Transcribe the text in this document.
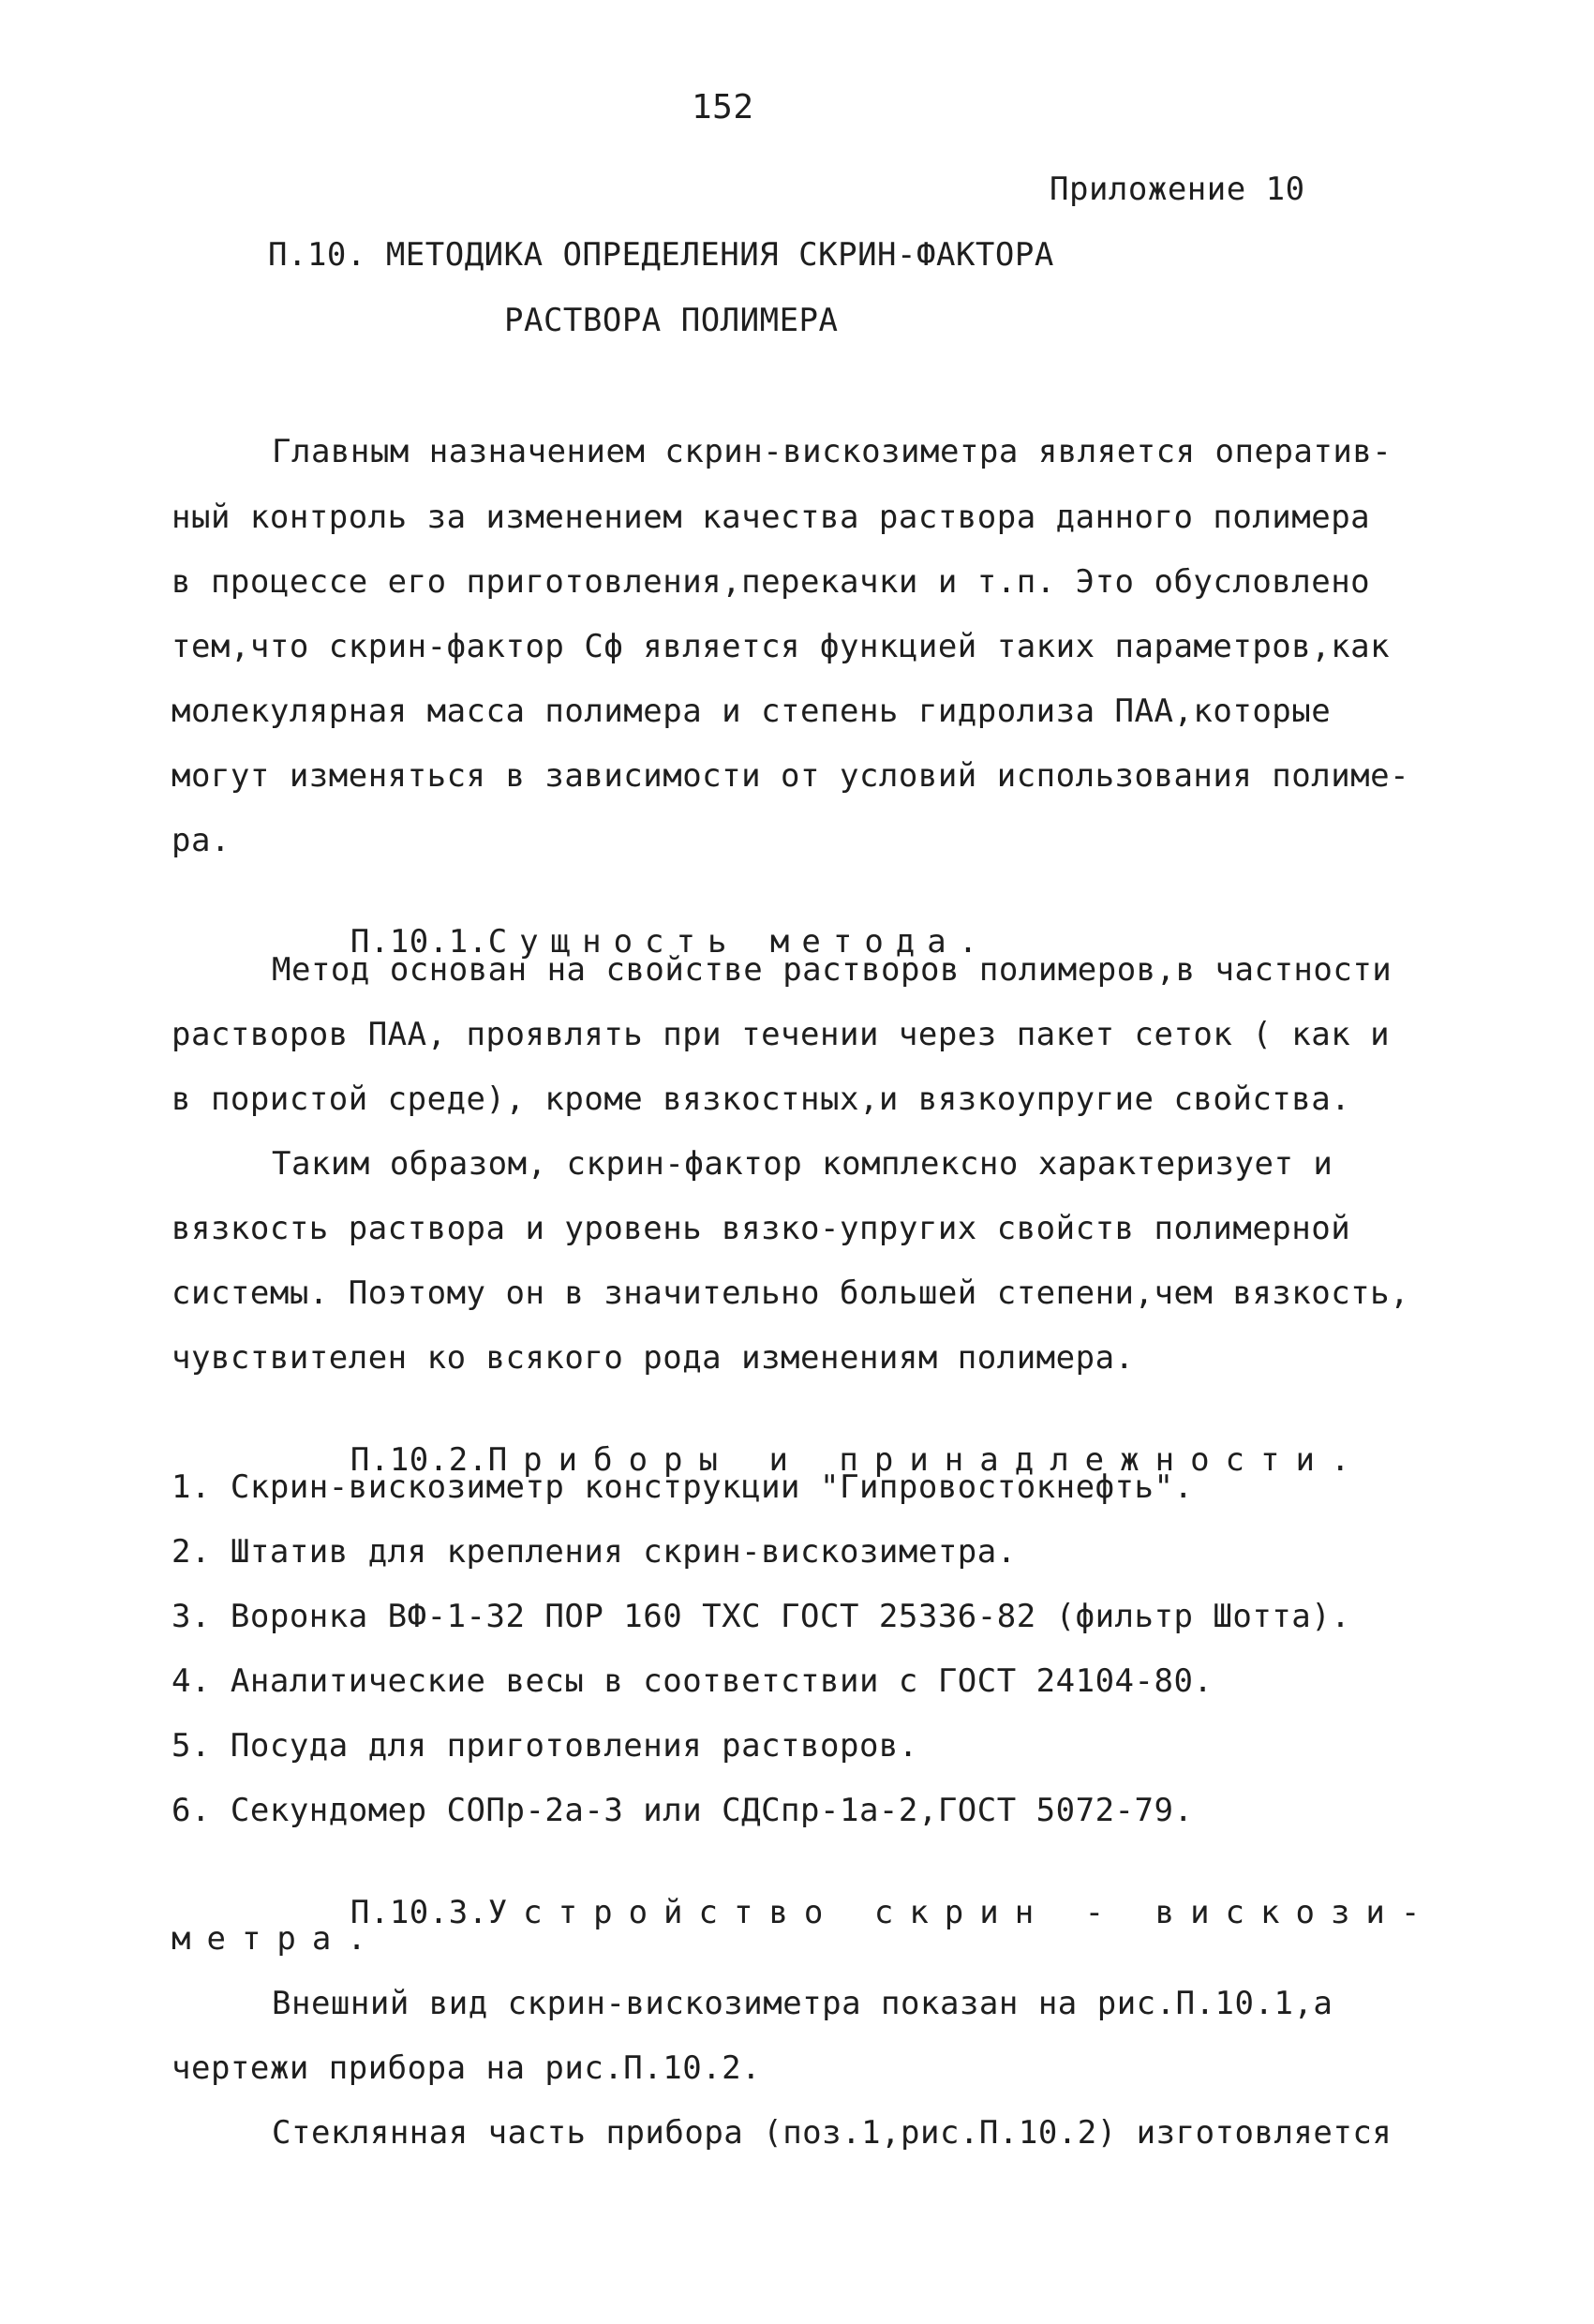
152
Приложение 10
П.10. МЕТОДИКА ОПРЕДЕЛЕНИЯ СКРИН-ФАКТОРА
РАСТВОРА ПОЛИМЕРА
Главным назначением скрин-вискозиметра является оператив-
ный контроль за изменением качества раствора данного полимера
в процессе его приготовления,перекачки и т.п. Это обусловлено
тем,что скрин-фактор Сф является функцией таких параметров,как
молекулярная масса полимера и степень гидролиза ПАА,которые
могут изменяться в зависимости от условий использования полиме-
ра.

П.10.1.Сущность метода.

Метод основан на свойстве растворов полимеров,в частности
растворов ПАА, проявлять при течении через пакет сеток ( как и
в пористой среде), кроме вязкостных,и вязкоупругие свойства.
Таким образом, скрин-фактор комплексно характеризует и
вязкость раствора и уровень вязко-упругих свойств полимерной
системы. Поэтому он в значительно большей степени,чем вязкость,
чувствителен ко всякого рода изменениям полимера.

П.10.2.Приборы и принадлежности.

1. Скрин-вискозиметр конструкции "Гипровостокнефть".
2. Штатив для крепления скрин-вискозиметра.
3. Воронка ВФ-1-32 ПОР 160 ТХС ГОСТ 25336-82 (фильтр Шотта).
4. Аналитические весы в соответствии с ГОСТ 24104-80.
5. Посуда для приготовления растворов.
6. Секундомер СОПр-2а-3 или СДСпр-1а-2,ГОСТ 5072-79.

П.10.3.Устройство скрин - вискози-

метра.
Внешний вид скрин-вискозиметра показан на рис.П.10.1,а
чертежи прибора на рис.П.10.2.
Стеклянная часть прибора (поз.1,рис.П.10.2) изготовляется
